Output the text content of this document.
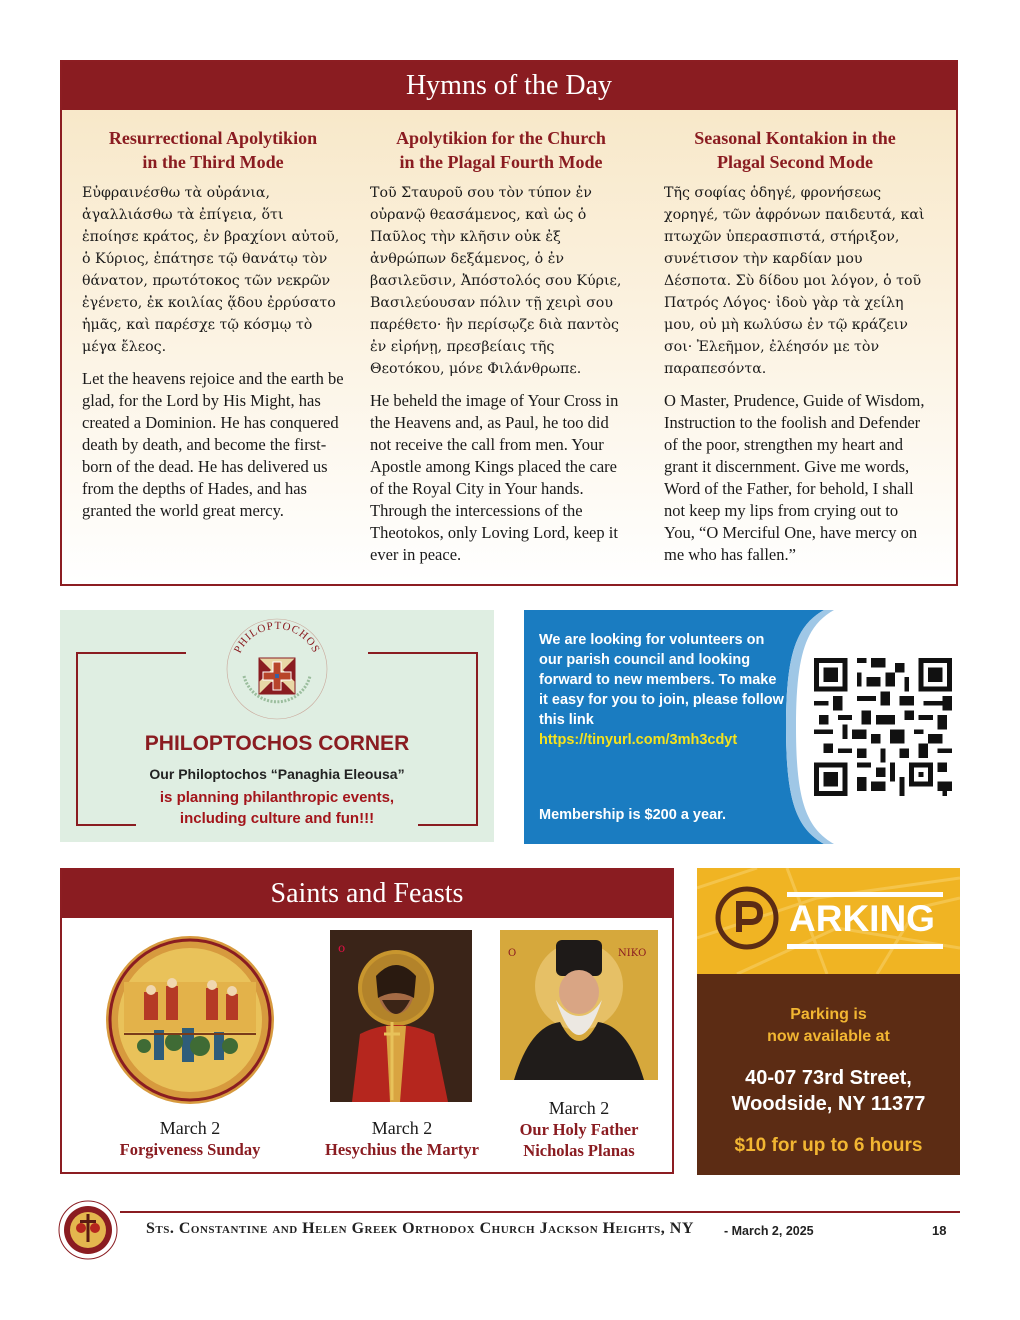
Hymns of the Day
Resurrectional Apolytikion
in the Third Mode

Εὐφραινέσθω τὰ οὐράνια, ἀγαλλιάσθω τὰ ἐπίγεια, ὅτι ἐποίησε κράτος, ἐν βραχίονι αὐτοῦ, ὁ Κύριος, ἐπάτησε τῷ θανάτῳ τὸν θάνατον, πρωτότοκος τῶν νεκρῶν ἐγένετο, ἐκ κοιλίας ᾅδου ἐρρύσατο ἡμᾶς, καὶ παρέσχε τῷ κόσμῳ τὸ μέγα ἔλεος.

Let the heavens rejoice and the earth be glad, for the Lord by His Might, has created a Dominion. He has conquered death by death, and become the first-born of the dead. He has delivered us from the depths of Hades, and has granted the world great mercy.

Apolytikion for the Church
in the Plagal Fourth Mode

Τοῦ Σταυροῦ σου τὸν τύπον ἐν οὐρανῷ θεασάμενος, καὶ ὡς ὁ Παῦλος τὴν κλῆσιν οὐκ ἐξ ἀνθρώπων δεξάμενος, ὁ ἐν βασιλεῦσιν, Ἀπόστολός σου Κύριε, Βασιλεύουσαν πόλιν τῇ χειρὶ σου παρέθετο· ἣν περίσῳζε διὰ παντὸς ἐν εἰρήνῃ, πρεσβείαις τῆς Θεοτόκου, μόνε Φιλάνθρωπε.

He beheld the image of Your Cross in the Heavens and, as Paul, he too did not receive the call from men. Your Apostle among Kings placed the care of the Royal City in Your hands. Through the intercessions of the Theotokos, only Loving Lord, keep it ever in peace.

Seasonal Kontakion in the
Plagal Second Mode

Τῆς σοφίας ὁδηγέ, φρονήσεως χορηγέ, τῶν ἀφρόνων παιδευτά, καὶ πτωχῶν ὑπερασπιστά, στήριξον, συνέτισον τὴν καρδίαν μου Δέσποτα. Σὺ δίδου μοι λόγον, ὁ τοῦ Πατρός Λόγος· ἰδοὺ γὰρ τὰ χείλη μου, οὐ μὴ κωλύσω ἐν τῷ κράζειν σοι· Ἐλεῆμον, ἐλέησόν με τὸν παραπεσόντα.

O Master, Prudence, Guide of Wisdom, Instruction to the foolish and Defender of the poor, strengthen my heart and grant it discernment. Give me words, Word of the Father, for behold, I shall not keep my lips from crying out to You, “O Merciful One, have mercy on me who has fallen.”

PHILOPTOCHOS
PHILOPTOCHOS CORNER
Our Philoptochos “Panaghia Eleousa”
is planning philanthropic events,
including culture and fun!!!
We are looking for volunteers on our parish council and looking forward to new members. To make it easy for you to join, please follow this link https://tinyurl.com/3mh3cdyt
Membership is $200 a year.
Saints and Feasts
March 2
Forgiveness Sunday
ο
March 2
Hesychius the Martyr
ΝΙΚΟ
Ο
March 2
Our Holy Father
Nicholas Planas
ARKING
Parking is
now available at
40-07 73rd Street,
Woodside, NY 11377
$10 for up to 6 hours
Sts. Constantine and Helen Greek Orthodox Church Jackson Heights, NY - March 2, 2025	18
